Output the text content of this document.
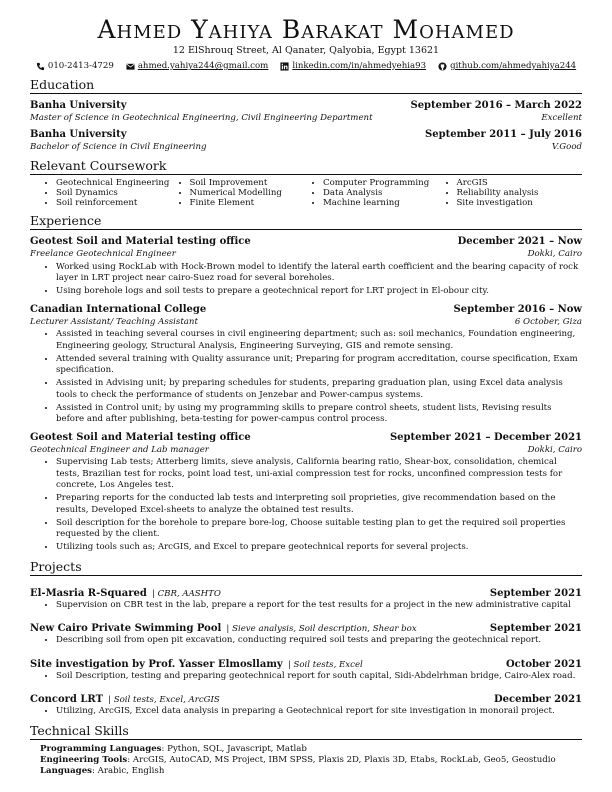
Ahmed Yahiya Barakat Mohamed
12 ElShrouq Street, Al Qanater, Qalyobia, Egypt 13621
010-2413-4729	ahmed.yahiya244@gmail.com	linkedin.com/in/ahmedyehia93	github.com/ahmedyahiya244
Education
Banha University	September 2016 – March 2022
Master of Science in Geotechnical Engineering, Civil Engineering Department	Excellent
Banha University	September 2011 – July 2016
Bachelor of Science in Civil Engineering	V.Good
Relevant Coursework
• Geotechnical Engineering
• Soil Dynamics
• Soil reinforcement
• Soil Improvement
• Numerical Modelling
• Finite Element
• Computer Programming
• Data Analysis
• Machine learning
• ArcGIS
• Reliability analysis
• Site investigation
Experience
Geotest Soil and Material testing office	December 2021 – Now
Freelance Geotechnical Engineer	Dokki, Cairo
• Worked using RockLab with Hock-Brown model to identify the lateral earth coefficient and the bearing capacity of rock layer in LRT project near cairo-Suez road for several boreholes.
• Using borehole logs and soil tests to prepare a geotechnical report for LRT project in El-obour city.
Canadian International College	September 2016 – Now
Lecturer Assistant/ Teaching Assistant	6 October, Giza
• Assisted in teaching several courses in civil engineering department; such as: soil mechanics, Foundation engineering, Engineering geology, Structural Analysis, Engineering Surveying, GIS and remote sensing.
• Attended several training with Quality assurance unit; Preparing for program accreditation, course specification, Exam specification.
• Assisted in Advising unit; by preparing schedules for students, preparing graduation plan, using Excel data analysis tools to check the performance of students on Jenzebar and Power-campus systems.
• Assisted in Control unit; by using my programming skills to prepare control sheets, student lists, Revising results before and after publishing, beta-testing for power-campus control process.
Geotest Soil and Material testing office	September 2021 – December 2021
Geotechnical Engineer and Lab manager	Dokki, Cairo
• Supervising Lab tests; Atterberg limits, sieve analysis, California bearing ratio, Shear-box, consolidation, chemical tests, Brazilian test for rocks, point load test, uni-axial compression test for rocks, unconfined compression tests for concrete, Los Angeles test.
• Preparing reports for the conducted lab tests and interpreting soil proprieties, give recommendation based on the results, Developed Excel-sheets to analyze the obtained test results.
• Soil description for the borehole to prepare bore-log, Choose suitable testing plan to get the required soil properties requested by the client.
• Utilizing tools such as; ArcGIS, and Excel to prepare geotechnical reports for several projects.
Projects
El-Masria R-Squared | CBR, AASHTO	September 2021
• Supervision on CBR test in the lab, prepare a report for the test results for a project in the new administrative capital
New Cairo Private Swimming Pool | Sieve analysis, Soil description, Shear box	September 2021
• Describing soil from open pit excavation, conducting required soil tests and preparing the geotechnical report.
Site investigation by Prof. Yasser Elmosllamy | Soil tests, Excel	October 2021
• Soil Description, testing and preparing geotechnical report for south capital, Sidi-Abdelrhman bridge, Cairo-Alex road.
Concord LRT | Soil tests, Excel, ArcGIS	December 2021
• Utilizing, ArcGIS, Excel data analysis in preparing a Geotechnical report for site investigation in monorail project.
Technical Skills
Programming Languages: Python, SQL, Javascript, Matlab
Engineering Tools: ArcGIS, AutoCAD, MS Project, IBM SPSS, Plaxis 2D, Plaxis 3D, Etabs, RockLab, Geo5, Geostudio
Languages: Arabic, English
